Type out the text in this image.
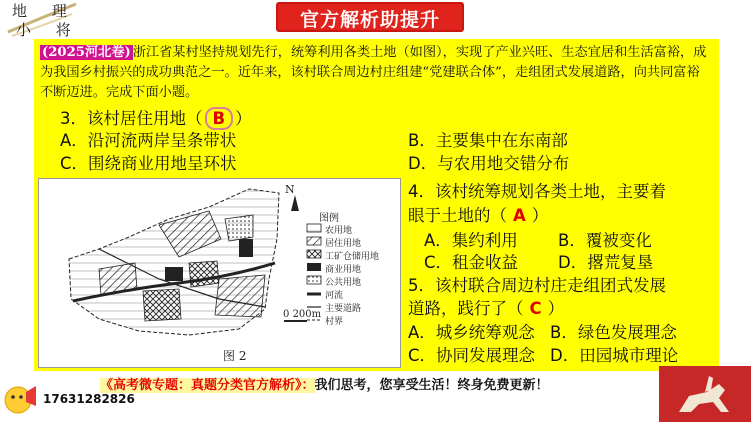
地 理
小 将	官方解析助提升
(2025河北卷) 浙江省某村坚持规划先行，统筹利用各类土地（如图），实现了产业兴旺、生态宜居和生活富裕，成为我国乡村振兴的成功典范之一。近年来，该村联合周边村庄组建“党建联合体”，走组团式发展道路，向共同富裕不断迈进。完成下面小题。
3．该村居住用地（ B ）
A．沿河流两岸呈条带状	B．主要集中在东南部
C．围绕商业用地呈环状	D．与农用地交错分布
N
图例
农用地
居住用地
工矿仓储用地
商业用地
公共用地
河流
主要道路
村界
0 200m
图 2
4．该村统筹规划各类土地，主要着
眼于土地的（ A ）
A．集约利用 B．覆被变化
C．租金收益 D．撂荒复垦
5．该村联合周边村庄走组团式发展
道路，践行了（ C ）
A．城乡统筹观念 B．绿色发展理念
C．协同发展理念 D．田园城市理论
《高考微专题：真题分类官方解析》：我们思考，您享受生活！终身免费更新！
17631282826
